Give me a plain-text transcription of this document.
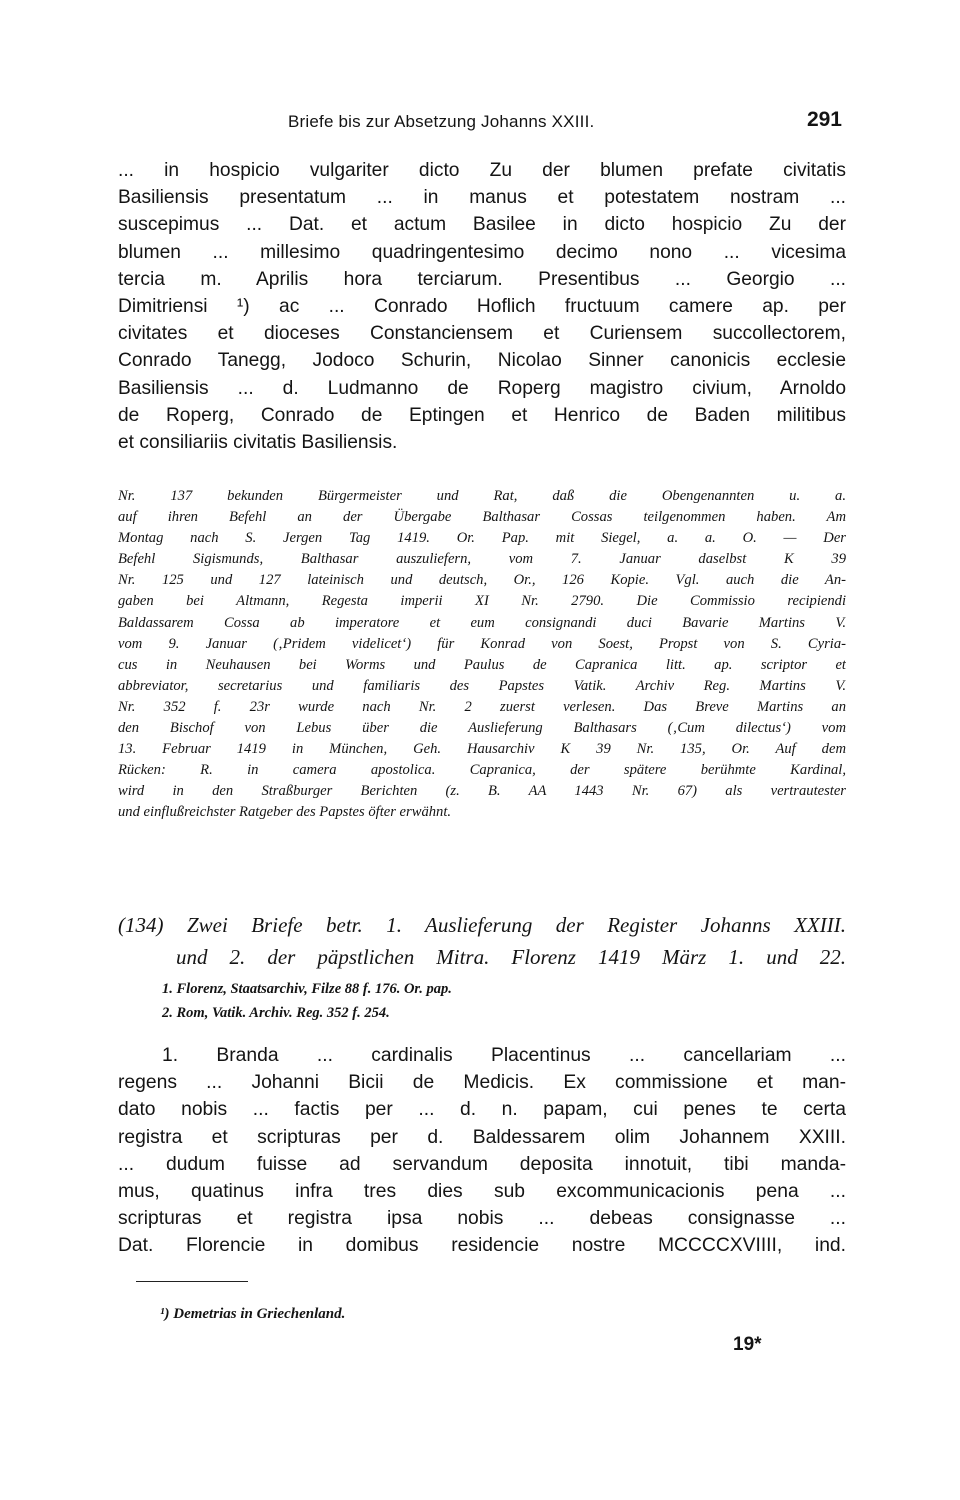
Briefe bis zur Absetzung Johanns XXIII.	291
... in hospicio vulgariter dicto Zu der blumen prefate civitatis
Basiliensis presentatum ... in manus et potestatem nostram ...
suscepimus ... Dat. et actum Basilee in dicto hospicio Zu der
blumen ... millesimo quadringentesimo decimo nono ... vicesima
tercia m. Aprilis hora terciarum. Presentibus ... Georgio ...
Dimitriensi ¹) ac ... Conrado Hoflich fructuum camere ap. per
civitates et dioceses Constanciensem et Curiensem succollectorem,
Conrado Tanegg, Jodoco Schurin, Nicolao Sinner canonicis ecclesie
Basiliensis ... d. Ludmanno de Roperg magistro civium, Arnoldo
de Roperg, Conrado de Eptingen et Henrico de Baden militibus
et consiliariis civitatis Basiliensis.
Nr. 137 bekunden Bürgermeister und Rat, daß die Obengenannten u. a.
auf ihren Befehl an der Übergabe Balthasar Cossas teilgenommen haben. Am
Montag nach S. Jergen Tag 1419. Or. Pap. mit Siegel, a. a. O. — Der
Befehl Sigismunds, Balthasar auszuliefern, vom 7. Januar daselbst K 39
Nr. 125 und 127 lateinisch und deutsch, Or., 126 Kopie. Vgl. auch die An-
gaben bei Altmann, Regesta imperii XI Nr. 2790. Die Commissio recipiendi
Baldassarem Cossa ab imperatore et eum consignandi duci Bavarie Martins V.
vom 9. Januar (‚Pridem videlicet‘) für Konrad von Soest, Propst von S. Cyria-
cus in Neuhausen bei Worms und Paulus de Capranica litt. ap. scriptor et
abbreviator, secretarius und familiaris des Papstes Vatik. Archiv Reg. Martins V.
Nr. 352 f. 23r wurde nach Nr. 2 zuerst verlesen. Das Breve Martins an
den Bischof von Lebus über die Auslieferung Balthasars (‚Cum dilectus‘) vom
13. Februar 1419 in München, Geh. Hausarchiv K 39 Nr. 135, Or. Auf dem
Rücken: R. in camera apostolica. Capranica, der spätere berühmte Kardinal,
wird in den Straßburger Berichten (z. B. AA 1443 Nr. 67) als vertrautester
und einflußreichster Ratgeber des Papstes öfter erwähnt.
(134) Zwei Briefe betr. 1. Auslieferung der Register Johanns XXIII.
und 2. der päpstlichen Mitra. Florenz 1419 März 1. und 22.
1. Florenz, Staatsarchiv, Filze 88 f. 176. Or. pap.
2. Rom, Vatik. Archiv. Reg. 352 f. 254.
1. Branda ... cardinalis Placentinus ... cancellariam ...
regens ... Johanni Bicii de Medicis. Ex commissione et man-
dato nobis ... factis per ... d. n. papam, cui penes te certa
registra et scripturas per d. Baldessarem olim Johannem XXIII.
... dudum fuisse ad servandum deposita innotuit, tibi manda-
mus, quatinus infra tres dies sub excommunicacionis pena ...
scripturas et registra ipsa nobis ... debeas consignasse ...
Dat. Florencie in domibus residencie nostre MCCCCXVIIII, ind.
¹) Demetrias in Griechenland.
19*
